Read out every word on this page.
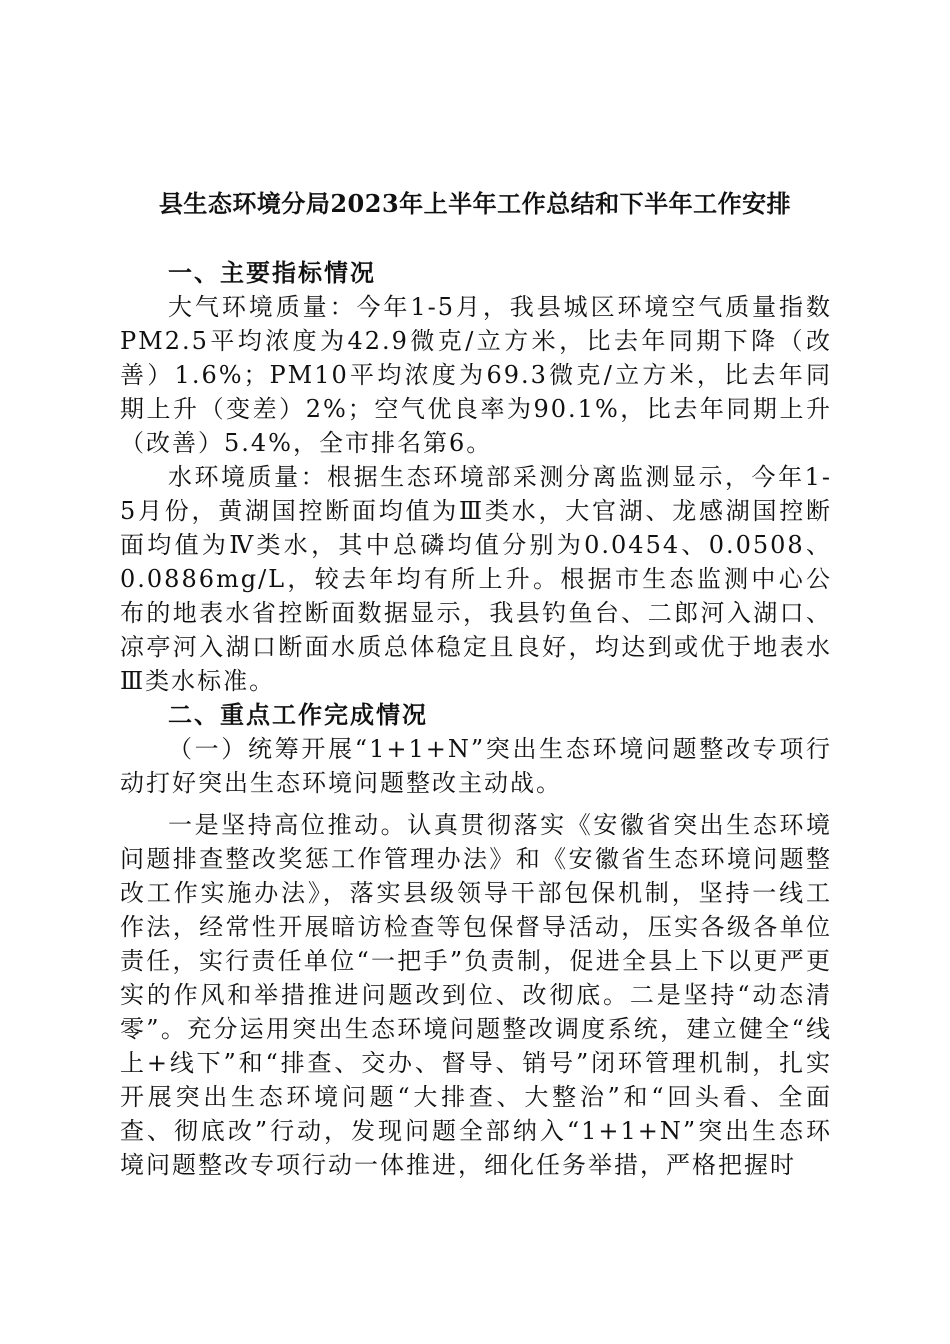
县生态环境分局2023年上半年工作总结和下半年工作安排
一、主要指标情况

大气环境质量：今年1-5月，我县城区环境空气质量指数PM2.5平均浓度为42.9微克/立方米，比去年同期下降（改善）1.6%；PM10平均浓度为69.3微克/立方米，比去年同期上升（变差）2%；空气优良率为90.1%，比去年同期上升（改善）5.4%，全市排名第6。

水环境质量：根据生态环境部采测分离监测显示，今年1-5月份，黄湖国控断面均值为Ⅲ类水，大官湖、龙感湖国控断面均值为Ⅳ类水，其中总磷均值分别为0.0454、0.0508、0.0886mg/L，较去年均有所上升。根据市生态监测中心公布的地表水省控断面数据显示，我县钓鱼台、二郎河入湖口、凉亭河入湖口断面水质总体稳定且良好，均达到或优于地表水Ⅲ类水标准。

二、重点工作完成情况

（一）统筹开展“1+1+N”突出生态环境问题整改专项行动打好突出生态环境问题整改主动战。

一是坚持高位推动。认真贯彻落实《安徽省突出生态环境问题排查整改奖惩工作管理办法》和《安徽省生态环境问题整改工作实施办法》，落实县级领导干部包保机制，坚持一线工作法，经常性开展暗访检查等包保督导活动，压实各级各单位责任，实行责任单位“一把手”负责制，促进全县上下以更严更实的作风和举措推进问题改到位、改彻底。二是坚持“动态清零”。充分运用突出生态环境问题整改调度系统，建立健全“线上+线下”和“排查、交办、督导、销号”闭环管理机制，扎实开展突出生态环境问题“大排查、大整治”和“回头看、全面查、彻底改”行动，发现问题全部纳入“1+1+N”突出生态环境问题整改专项行动一体推进，细化任务举措，严格把握时
